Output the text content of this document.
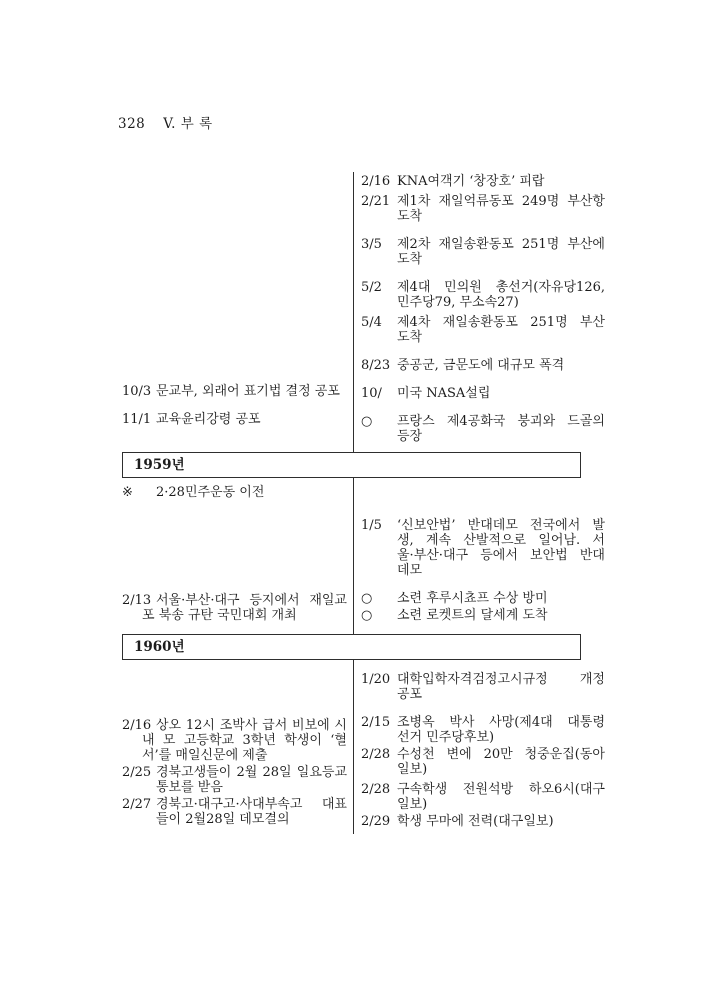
328 V. 부 록
10/3 문교부, 외래어 표기법 결정 공포
11/1 교육윤리강령 공포
2/16 KNA여객기 ‘창장호’ 피랍
2/21 제1차 재일억류동포 249명 부산항
도착
3/5 제2차 재일송환동포 251명 부산에
도착
5/2 제4대 민의원 총선거(자유당126,
민주당79, 무소속27)
5/4 제4차 재일송환동포 251명 부산
도착
8/23 중공군, 금문도에 대규모 폭격
10/ 미국 NASA설립
○ 프랑스 제4공화국 붕괴와 드골의
등장
1959년
※ 2·28민주운동 이전
2/13 서울·부산·대구 등지에서 재일교
포 북송 규탄 국민대회 개최
1/5 ‘신보안법’ 반대데모 전국에서 발
생, 계속 산발적으로 일어남. 서
울·부산·대구 등에서 보안법 반대
데모
○ 소련 후루시쵸프 수상 방미
○ 소련 로켓트의 달세계 도착
1960년
2/16 상오 12시 조박사 급서 비보에 시
내 모 고등학교 3학년 학생이 ‘혈
서’를 매일신문에 제출
2/25 경북고생들이 2월 28일 일요등교
통보를 받음
2/27 경북고·대구고·사대부속고 대표
들이 2월28일 데모결의
1/20 대학입학자격검정고시규정 개정
공포
2/15 조병옥 박사 사망(제4대 대통령
선거 민주당후보)
2/28 수성천 변에 20만 청중운집(동아
일보)
2/28 구속학생 전원석방 하오6시(대구
일보)
2/29 학생 무마에 전력(대구일보)
